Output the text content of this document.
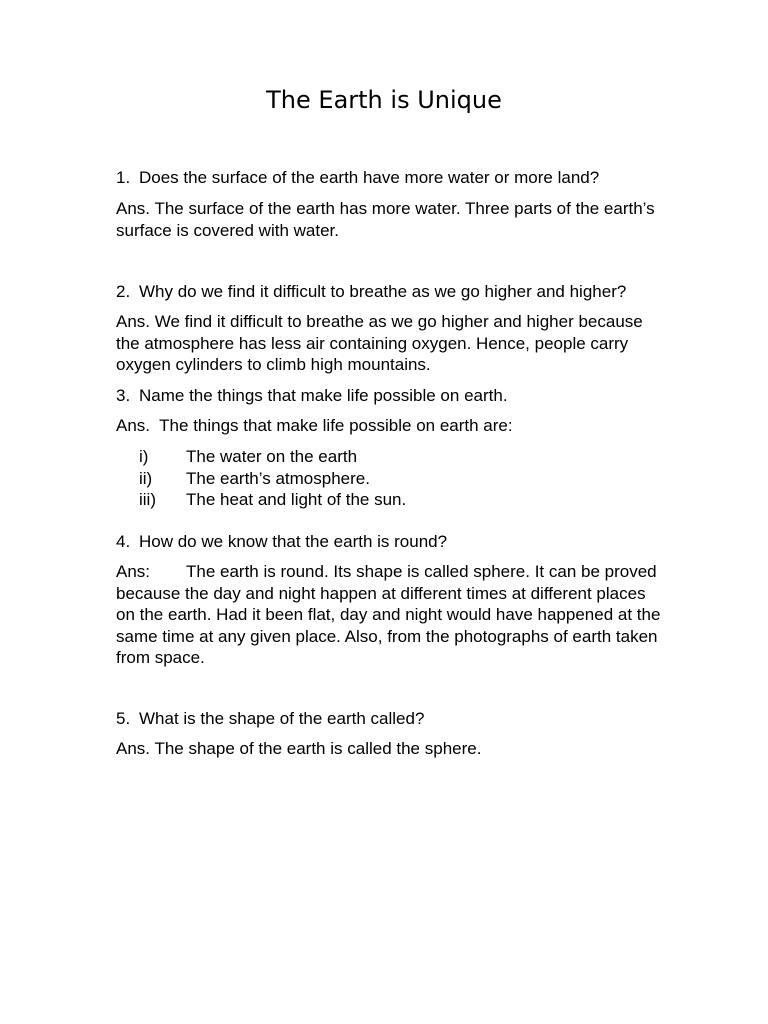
The Earth is Unique
1. Does the surface of the earth have more water or more land?
Ans. The surface of the earth has more water. Three parts of the earth’s surface is covered with water.
2. Why do we find it difficult to breathe as we go higher and higher?
Ans. We find it difficult to breathe as we go higher and higher because the atmosphere has less air containing oxygen. Hence, people carry oxygen cylinders to climb high mountains.
3. Name the things that make life possible on earth.
Ans. The things that make life possible on earth are:
i) The water on the earth
ii) The earth’s atmosphere.
iii) The heat and light of the sun.
4. How do we know that the earth is round?
Ans: The earth is round. Its shape is called sphere. It can be proved because the day and night happen at different times at different places on the earth. Had it been flat, day and night would have happened at the same time at any given place. Also, from the photographs of earth taken from space.
5. What is the shape of the earth called?
Ans. The shape of the earth is called the sphere.
